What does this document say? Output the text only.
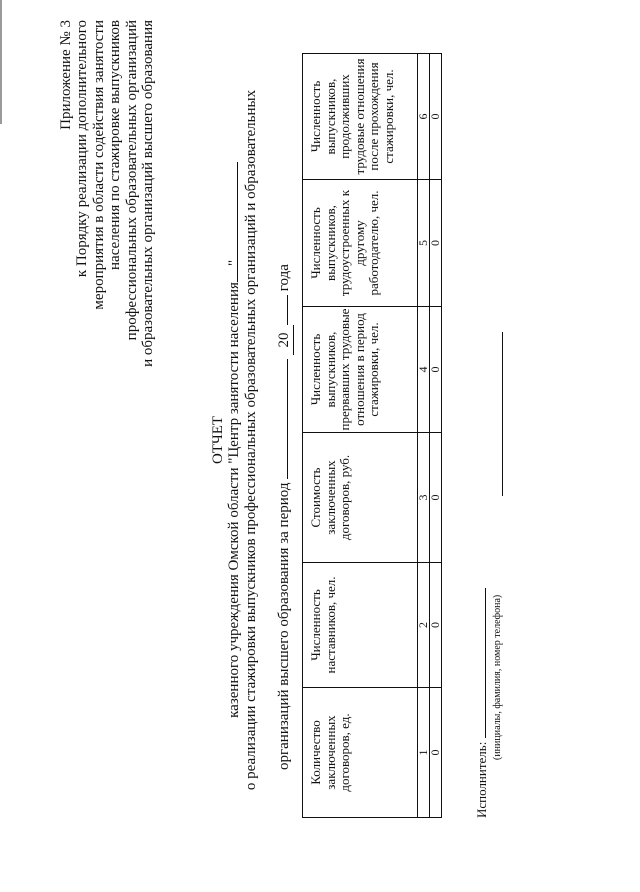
Приложение № 3 к Порядку реализации дополнительного мероприятия в области содействия занятости населения по стажировке выпускников профессиональных образовательных организаций и образовательных организаций высшего образования
ОТЧЕТ казенного учреждения Омской области "Центр занятости населения о реализации стажировки выпускников профессиональных образовательных организаций и образовательных
"
организаций высшего образования за период  20 года
Количество заключенных договоров, ед.	Численность наставников, чел.	Стоимость заключенных договоров, руб.	Численность выпускников, прервавших трудовые отношения в период стажировки, чел.	Численность выпускников, трудоустроенных к другому работодателю, чел.	Численность выпускников, продолживших трудовые отношения после прохождения стажировки, чел.
1	2	3	4	5	6
0	0	0	0	0	0
Исполнитель:
(инициалы, фамилия, номер телефона)
